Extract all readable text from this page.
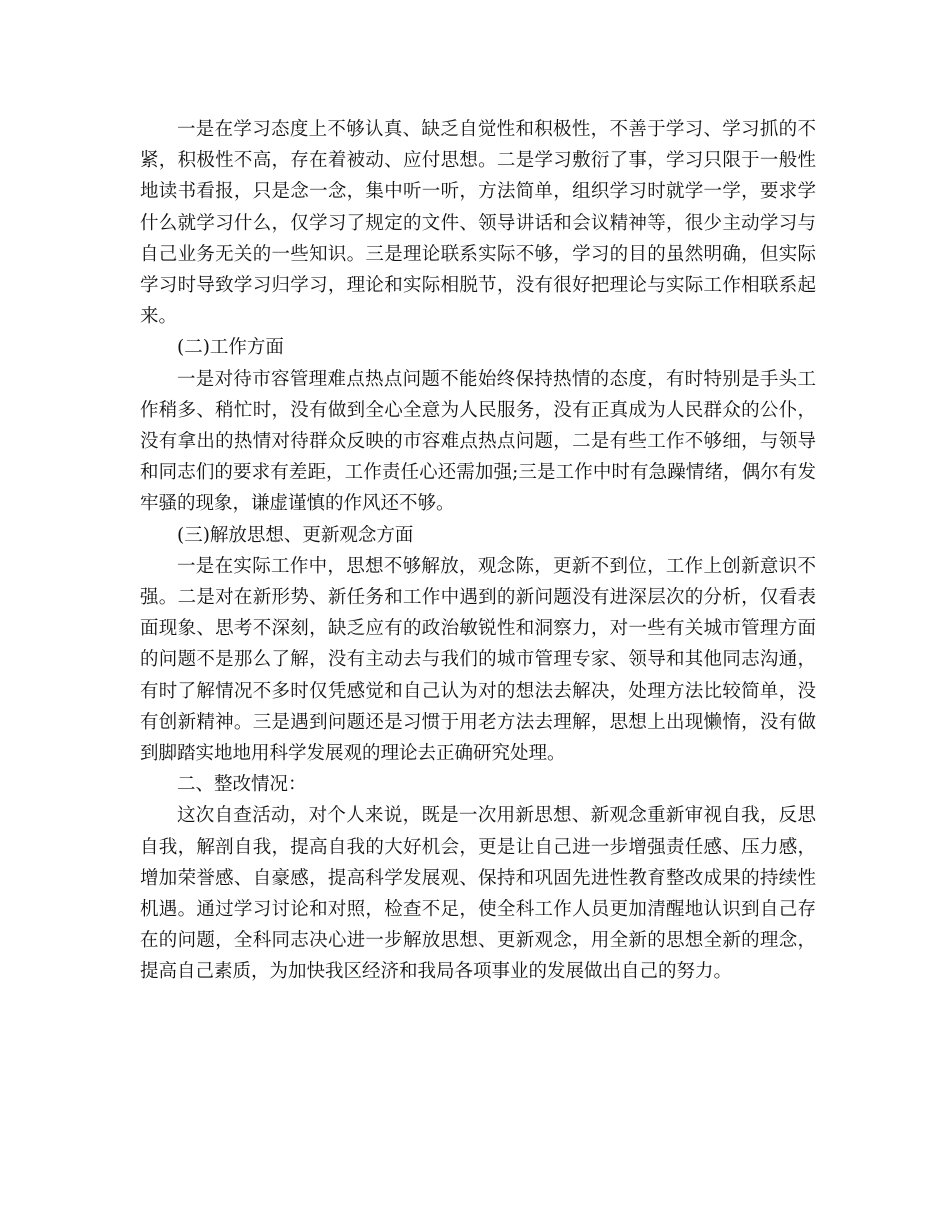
一是在学习态度上不够认真、缺乏自觉性和积极性，不善于学习、学习抓的不紧，积极性不高，存在着被动、应付思想。二是学习敷衍了事，学习只限于一般性地读书看报，只是念一念，集中听一听，方法简单，组织学习时就学一学，要求学什么就学习什么，仅学习了规定的文件、领导讲话和会议精神等，很少主动学习与自己业务无关的一些知识。三是理论联系实际不够，学习的目的虽然明确，但实际学习时导致学习归学习，理论和实际相脱节，没有很好把理论与实际工作相联系起来。

(二)工作方面

一是对待市容管理难点热点问题不能始终保持热情的态度，有时特别是手头工作稍多、稍忙时，没有做到全心全意为人民服务，没有正真成为人民群众的公仆，没有拿出的热情对待群众反映的市容难点热点问题，二是有些工作不够细，与领导和同志们的要求有差距，工作责任心还需加强;三是工作中时有急躁情绪，偶尔有发牢骚的现象，谦虚谨慎的作风还不够。

(三)解放思想、更新观念方面

一是在实际工作中，思想不够解放，观念陈，更新不到位，工作上创新意识不强。二是对在新形势、新任务和工作中遇到的新问题没有进深层次的分析，仅看表面现象、思考不深刻，缺乏应有的政治敏锐性和洞察力，对一些有关城市管理方面的问题不是那么了解，没有主动去与我们的城市管理专家、领导和其他同志沟通，有时了解情况不多时仅凭感觉和自己认为对的想法去解决，处理方法比较简单，没有创新精神。三是遇到问题还是习惯于用老方法去理解，思想上出现懒惰，没有做到脚踏实地地用科学发展观的理论去正确研究处理。

二、整改情况：

这次自查活动，对个人来说，既是一次用新思想、新观念重新审视自我，反思自我，解剖自我，提高自我的大好机会，更是让自己进一步增强责任感、压力感，增加荣誉感、自豪感，提高科学发展观、保持和巩固先进性教育整改成果的持续性机遇。通过学习讨论和对照，检查不足，使全科工作人员更加清醒地认识到自己存在的问题，全科同志决心进一步解放思想、更新观念，用全新的思想全新的理念，提高自己素质，为加快我区经济和我局各项事业的发展做出自己的努力。
